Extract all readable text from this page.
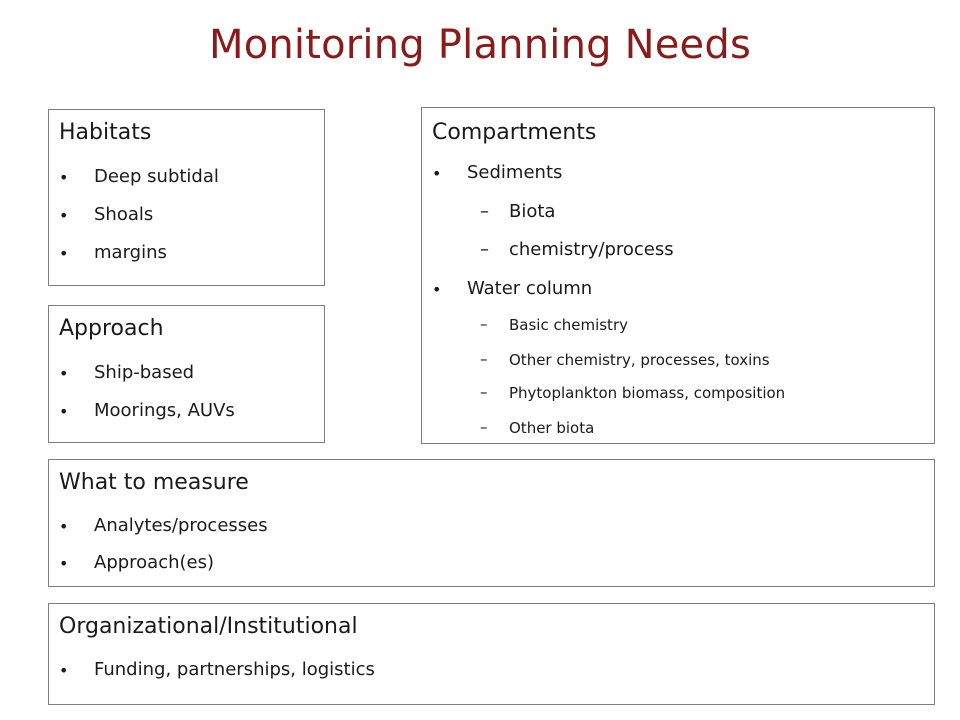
Monitoring Planning Needs
Habitats
• Deep subtidal
• Shoals
• margins
Approach
• Ship-based
• Moorings, AUVs
Compartments
• Sediments
– Biota
– chemistry/process
• Water column
– Basic chemistry
– Other chemistry, processes, toxins
– Phytoplankton biomass, composition
– Other biota
What to measure
• Analytes/processes
• Approach(es)
Organizational/Institutional
• Funding, partnerships, logistics
